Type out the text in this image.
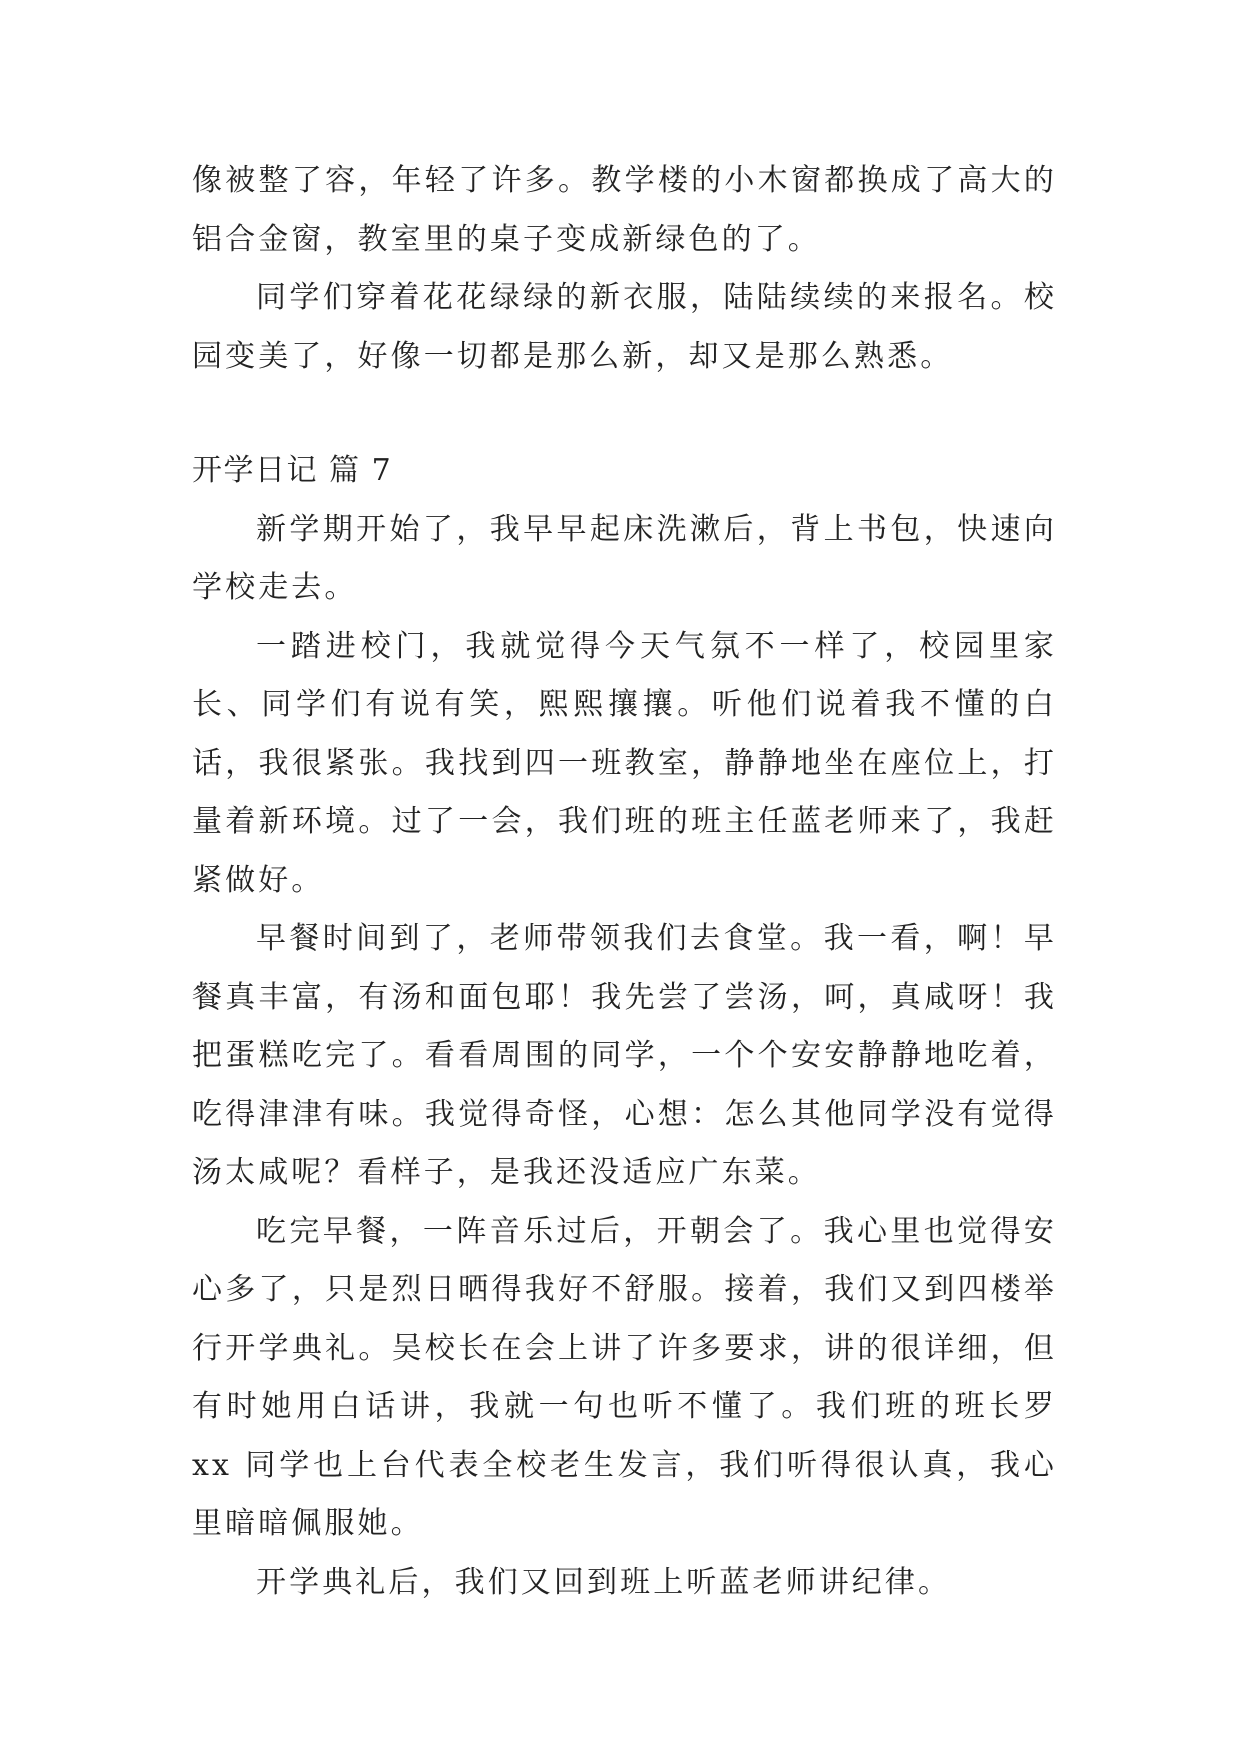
像被整了容，年轻了许多。教学楼的小木窗都换成了高大的铝合金窗，教室里的桌子变成新绿色的了。

同学们穿着花花绿绿的新衣服，陆陆续续的来报名。校园变美了，好像一切都是那么新，却又是那么熟悉。

开学日记 篇 7

新学期开始了，我早早起床洗漱后，背上书包，快速向学校走去。

一踏进校门，我就觉得今天气氛不一样了，校园里家长、同学们有说有笑，熙熙攘攘。听他们说着我不懂的白话，我很紧张。我找到四一班教室，静静地坐在座位上，打量着新环境。过了一会，我们班的班主任蓝老师来了，我赶紧做好。

早餐时间到了，老师带领我们去食堂。我一看，啊！早餐真丰富，有汤和面包耶！我先尝了尝汤，呵，真咸呀！我把蛋糕吃完了。看看周围的同学，一个个安安静静地吃着，吃得津津有味。我觉得奇怪，心想：怎么其他同学没有觉得汤太咸呢？看样子，是我还没适应广东菜。

吃完早餐，一阵音乐过后，开朝会了。我心里也觉得安心多了，只是烈日晒得我好不舒服。接着，我们又到四楼举行开学典礼。吴校长在会上讲了许多要求，讲的很详细，但有时她用白话讲，我就一句也听不懂了。我们班的班长罗 xx 同学也上台代表全校老生发言，我们听得很认真，我心里暗暗佩服她。

开学典礼后，我们又回到班上听蓝老师讲纪律。
